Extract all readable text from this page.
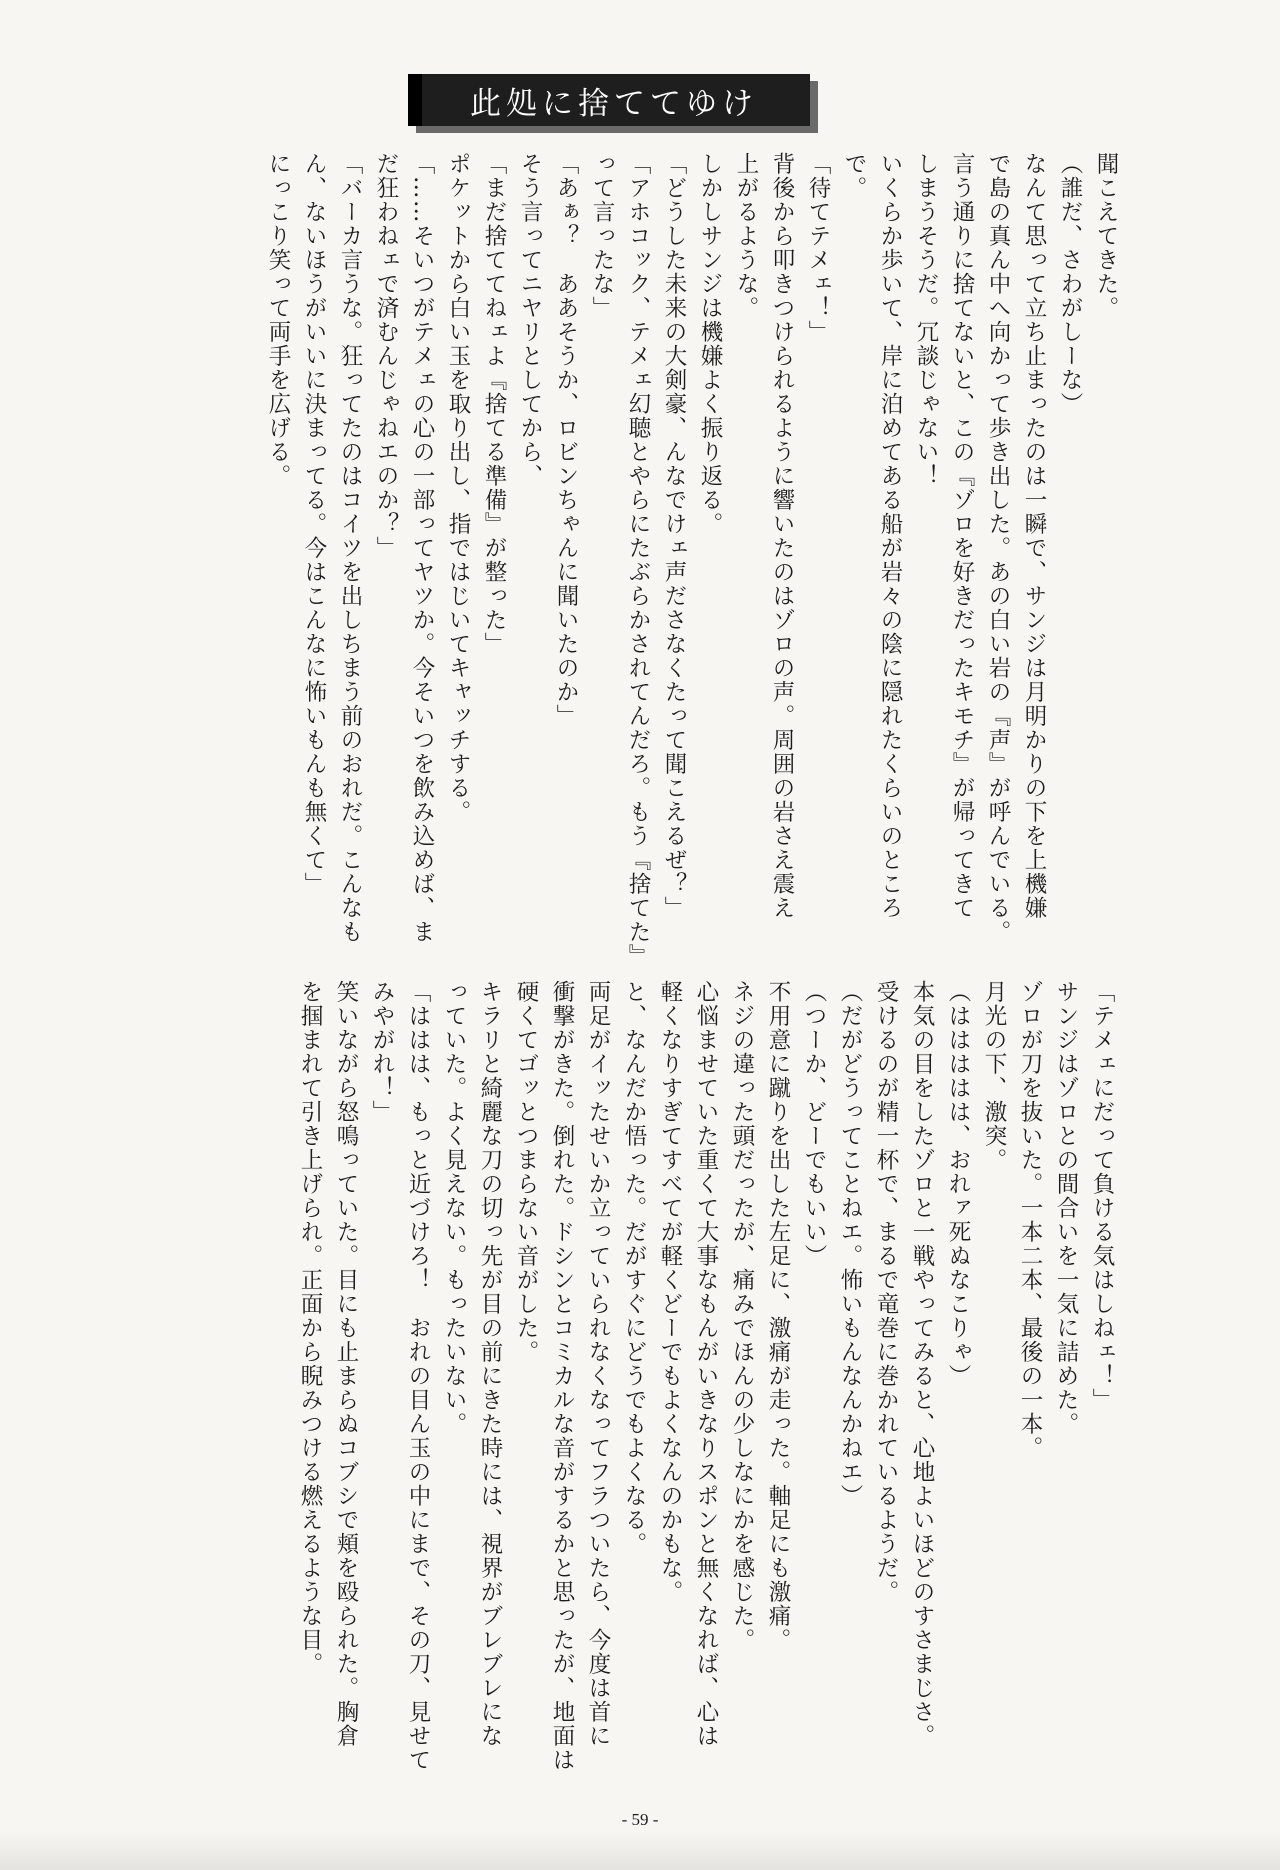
此処に捨ててゆけ

聞こえてきた。

（誰だ、さわがしーな）

なんて思って立ち止まったのは一瞬で、サンジは月明かりの下を上機嫌

で島の真ん中へ向かって歩き出した。あの白い岩の『声』が呼んでいる。

言う通りに捨てないと、この『ゾロを好きだったキモチ』が帰ってきて

しまうそうだ。冗談じゃない！

いくらか歩いて、岸に泊めてある船が岩々の陰に隠れたくらいのところ

で。

「待てテメェ！」

背後から叩きつけられるように響いたのはゾロの声。周囲の岩さえ震え

上がるような。

しかしサンジは機嫌よく振り返る。

「どうした未来の大剣豪、んなでけェ声ださなくたって聞こえるぜ？」

「アホコック、テメェ幻聴とやらにたぶらかされてんだろ。もう『捨てた』

って言ったな」

「あぁ？　ああそうか、ロビンちゃんに聞いたのか」

そう言ってニヤリとしてから、

「まだ捨ててねェよ『捨てる準備』が整った」

ポケットから白い玉を取り出し、指ではじいてキャッチする。

「……そいつがテメェの心の一部ってヤツか。今そいつを飲み込めば、ま

だ狂わねェで済むんじゃねエのか？」

「バーカ言うな。狂ってたのはコイツを出しちまう前のおれだ。こんなも

ん、ないほうがいいに決まってる。今はこんなに怖いもんも無くて」

にっこり笑って両手を広げる。

「テメェにだって負ける気はしねェ！」

サンジはゾロとの間合いを一気に詰めた。

ゾロが刀を抜いた。一本二本、最後の一本。

月光の下、激突。

（ははははは、おれァ死ぬなこりゃ）

本気の目をしたゾロと一戦やってみると、心地よいほどのすさまじさ。

受けるのが精一杯で、まるで竜巻に巻かれているようだ。

（だがどうってことねエ。怖いもんなんかねエ）

（つーか、どーでもいい）

不用意に蹴りを出した左足に、激痛が走った。軸足にも激痛。

ネジの違った頭だったが、痛みでほんの少しなにかを感じた。

心悩ませていた重くて大事なもんがいきなりスポンと無くなれば、心は

軽くなりすぎてすべてが軽くどーでもよくなんのかもな。

と、なんだか悟った。だがすぐにどうでもよくなる。

両足がイッたせいか立っていられなくなってフラついたら、今度は首に

衝撃がきた。倒れた。ドシンとコミカルな音がするかと思ったが、地面は

硬くてゴッとつまらない音がした。

キラリと綺麗な刀の切っ先が目の前にきた時には、視界がブレブレにな

っていた。よく見えない。もったいない。

「ははは、もっと近づけろ！　おれの目ん玉の中にまで、その刀、見せて

みやがれ！」

笑いながら怒鳴っていた。目にも止まらぬコブシで頬を殴られた。胸倉

を掴まれて引き上げられ。正面から睨みつける燃えるような目。

- 59 -
